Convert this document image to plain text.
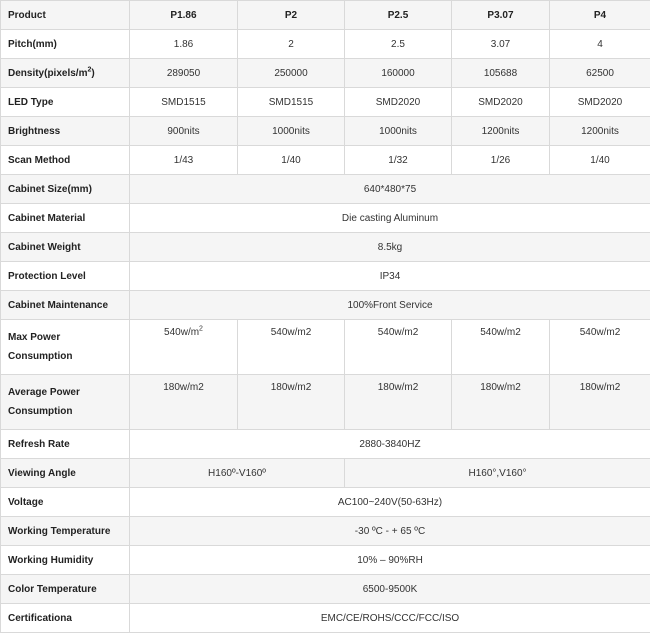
Product	P1.86	P2	P2.5	P3.07	P4
Pitch(mm)	1.86	2	2.5	3.07	4
$Density(pixels/m^2)$	289050	250000	160000	105688	62500
LED Type	SMD1515	SMD1515	SMD2020	SMD2020	SMD2020
Brightness	900nits	1000nits	1000nits	1200nits	1200nits
Scan Method	1/43	1/40	1/32	1/26	1/40
Cabinet Size(mm)	640*480*75				
Cabinet Material	Die casting Aluminum				
Cabinet Weight	8.5kg				
Protection Level	IP34				
Cabinet Maintenance	100%Front Service				
Max Power Consumption	$540w/m^2$	540w/m2	540w/m2	540w/m2	540w/m2
Average Power Consumption	180w/m2	180w/m2	180w/m2	180w/m2	180w/m2
Refresh Rate	2880-3840HZ				
Viewing Angle	H160º-V160º		H160°,V160°		
Voltage	AC100~240V(50-63Hz)				
Working Temperature	-30 ºC - + 65 ºC				
Working Humidity	10% – 90%RH				
Color Temperature	6500-9500K				
Certificationa	EMC/CE/ROHS/CCC/FCC/ISO				
